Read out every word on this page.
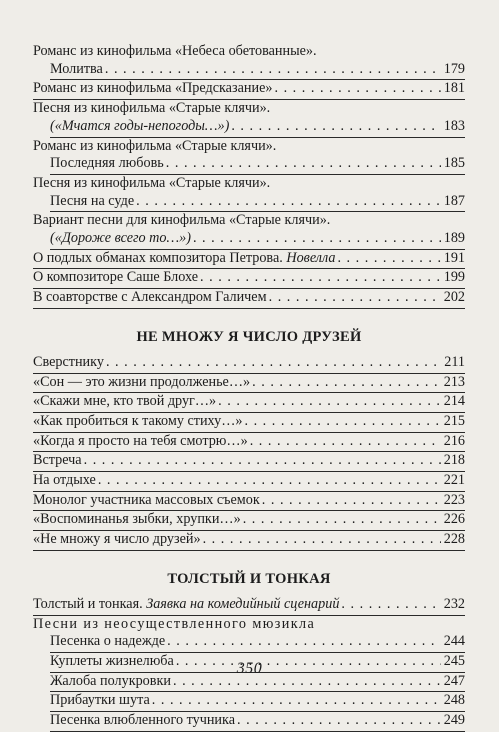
Романс из кинофильма «Небеса обетованные».
Молитва . . .	179
Романс из кинофильма «Предсказание» . . .	181
Песня из кинофильма «Старые клячи».
(«Мчатся годы-непогоды…») . . .	183
Романс из кинофильма «Старые клячи».
Последняя любовь . . .	185
Песня из кинофильма «Старые клячи».
Песня на суде . . .	187
Вариант песни для кинофильма «Старые клячи».
(«Дороже всего то…») . . .	189
О подлых обманах композитора Петрова.
Новелла . . .	191
О композиторе Саше Блохе . . .	199
В соавторстве с Александром Галичем . . .	202
НЕ МНОЖУ Я ЧИСЛО ДРУЗЕЙ
Сверстнику . . .	211
«Сон — это жизни продолженье…» . . .	213
«Скажи мне, кто твой друг…» . . .	214
«Как пробиться к такому стиху…» . . .	215
«Когда я просто на тебя смотрю…» . . .	216
Встреча . . .	218
На отдыхе . . .	221
Монолог участника массовых съемок . . .	223
«Воспоминанья зыбки, хрупки…» . . .	226
«Не множу я число друзей» . . .	228
ТОЛСТЫЙ И ТОНКАЯ
Толстый и тонкая.
Заявка на комедийный сценарий . . .	232
Песни из неосуществленного мюзикла
Песенка о надежде . . .	244
Куплеты жизнелюба . . .	245
Жалоба полукровки . . .	247
Прибаутки шута . . .	248
Песенка влюбленного тучника . . .	249
350
